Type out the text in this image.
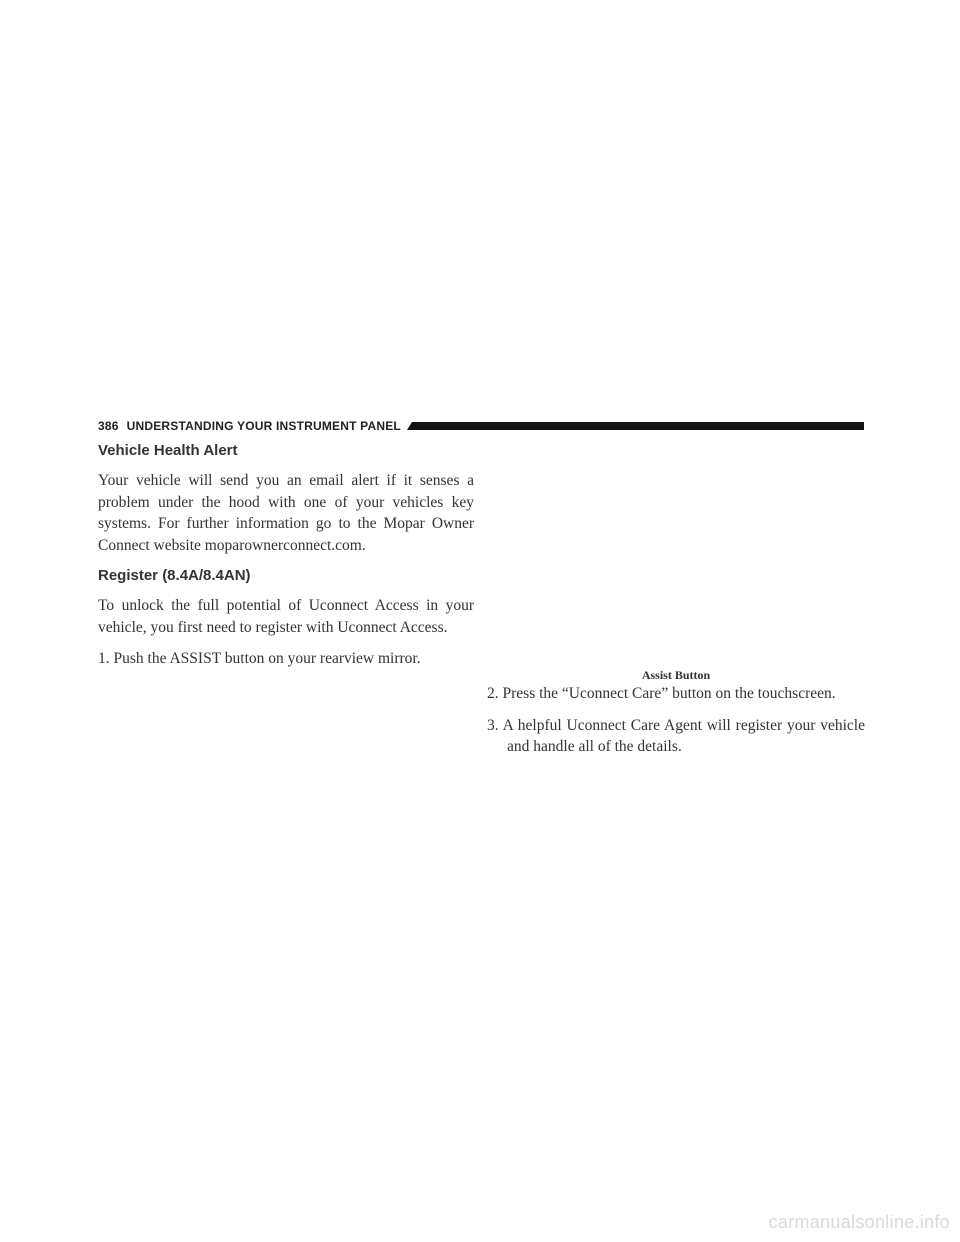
386 UNDERSTANDING YOUR INSTRUMENT PANEL
Vehicle Health Alert

Your vehicle will send you an email alert if it senses a problem under the hood with one of your vehicles key systems. For further information go to the Mopar Owner Connect website moparownerconnect.com.

Register (8.4A/8.4AN)

To unlock the full potential of Uconnect Access in your vehicle, you first need to register with Uconnect Access.

1. Push the ASSIST button on your rearview mirror.
Assist Button
2. Press the “Uconnect Care” button on the touchscreen.
3. A helpful Uconnect Care Agent will register your vehicle and handle all of the details.
carmanualsonline.info
